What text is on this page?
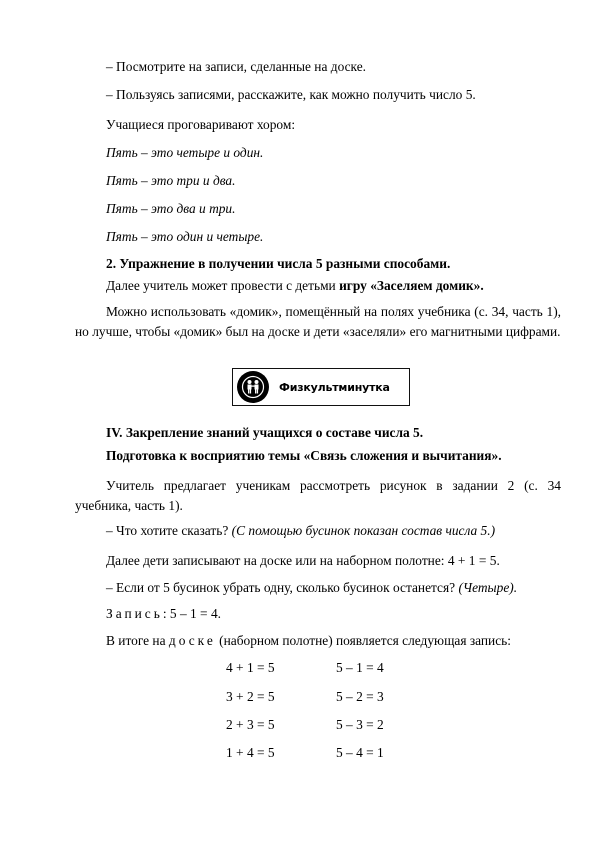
– Посмотрите на записи, сделанные на доске.
– Пользуясь записями, расскажите, как можно получить число 5.
Учащиеся проговаривают хором:
Пять – это четыре и один.
Пять – это три и два.
Пять – это два и три.
Пять – это один и четыре.
2. Упражнение в получении числа 5 разными способами.
Далее учитель может провести с детьми игру «Заселяем домик».
Можно использовать «домик», помещённый на полях учебника (с. 34, часть 1), но лучше, чтобы «домик» был на доске и дети «заселяли» его магнитными цифрами.
Физкультминутка
IV. Закрепление знаний учащихся о составе числа 5.
Подготовка к восприятию темы «Связь сложения и вычитания».
Учитель предлагает ученикам рассмотреть рисунок в задании 2 (с. 34 учебника, часть 1).
– Что хотите сказать? (С помощью бусинок показан состав числа 5.)
Далее дети записывают на доске или на наборном полотне: 4 + 1 = 5.
– Если от 5 бусинок убрать одну, сколько бусинок останется? (Четыре).
Запись: 5 – 1 = 4.
В итоге на доске (наборном полотне) появляется следующая запись:
4 + 1 = 5	5 – 1 = 4
3 + 2 = 5	5 – 2 = 3
2 + 3 = 5	5 – 3 = 2
1 + 4 = 5	5 – 4 = 1
